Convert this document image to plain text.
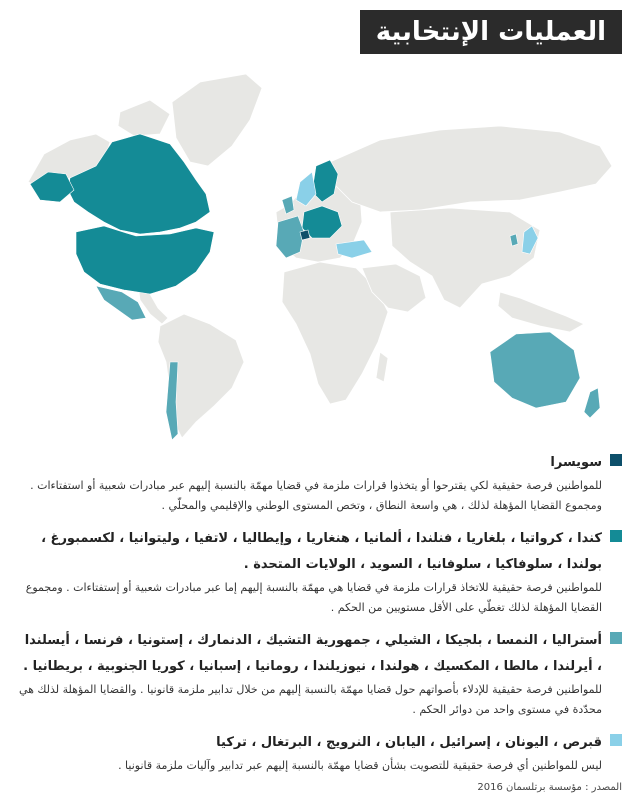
العمليات الإنتخابية
سويسرا
للمواطنين فرصة حقيقية لكي يقترحوا أو يتخذوا قرارات ملزمة في قضايا مهمّة بالنسبة إليهم عبر مبادرات شعبية أو استفتاءات . ومجموع القضايا المؤهلة لذلك ، هي واسعة النطاق ، وتخص المستوى الوطني والإقليمي والمحلّي .
كندا ، كرواتيا ، بلغاريا ، فنلندا ، ألمانيا ، هنغاريا ، وإيطاليا ، لاتفيا ، وليتوانيا ، لكسمبورغ ، بولندا ، سلوفاكيا ، سلوفانيا ، السويد ، الولايات المتحدة .
للمواطنين فرصة حقيقية للاتخاذ قرارات ملزمة في قضايا هي مهمّة بالنسبة إليهم إما عبر مبادرات شعبية أو إستفتاءات . ومجموع القضايا المؤهلة لذلك تغطّي على الأقل مستويين من الحكم .
أستراليا ، النمسا ، بلجيكا ، الشيلي ، جمهورية التشيك ، الدنمارك ، إستونيا ، فرنسا ، أيسلندا ، أيرلندا ، مالطا ، المكسيك ، هولندا ، نيوزيلندا ، رومانيا ، إسبانيا ، كوريا الجنوبية ، بريطانيا .
للمواطنين فرصة حقيقية للإدلاء بأصواتهم حول قضايا مهمّة بالنسبة إليهم من خلال تدابير ملزمة قانونيا . والقضايا المؤهلة لذلك هي محدّدة في مستوى واحد من دوائر الحكم .
قبرص ، اليونان ، إسرائيل ، اليابان ، النرويج ، البرتغال ، تركيا
ليس للمواطنين أي فرصة حقيقية للتصويت بشأن قضايا مهمّة بالنسبة إليهم عبر تدابير وآليات ملزمة قانونيا .
المصدر : مؤسسة برتلسمان 2016
